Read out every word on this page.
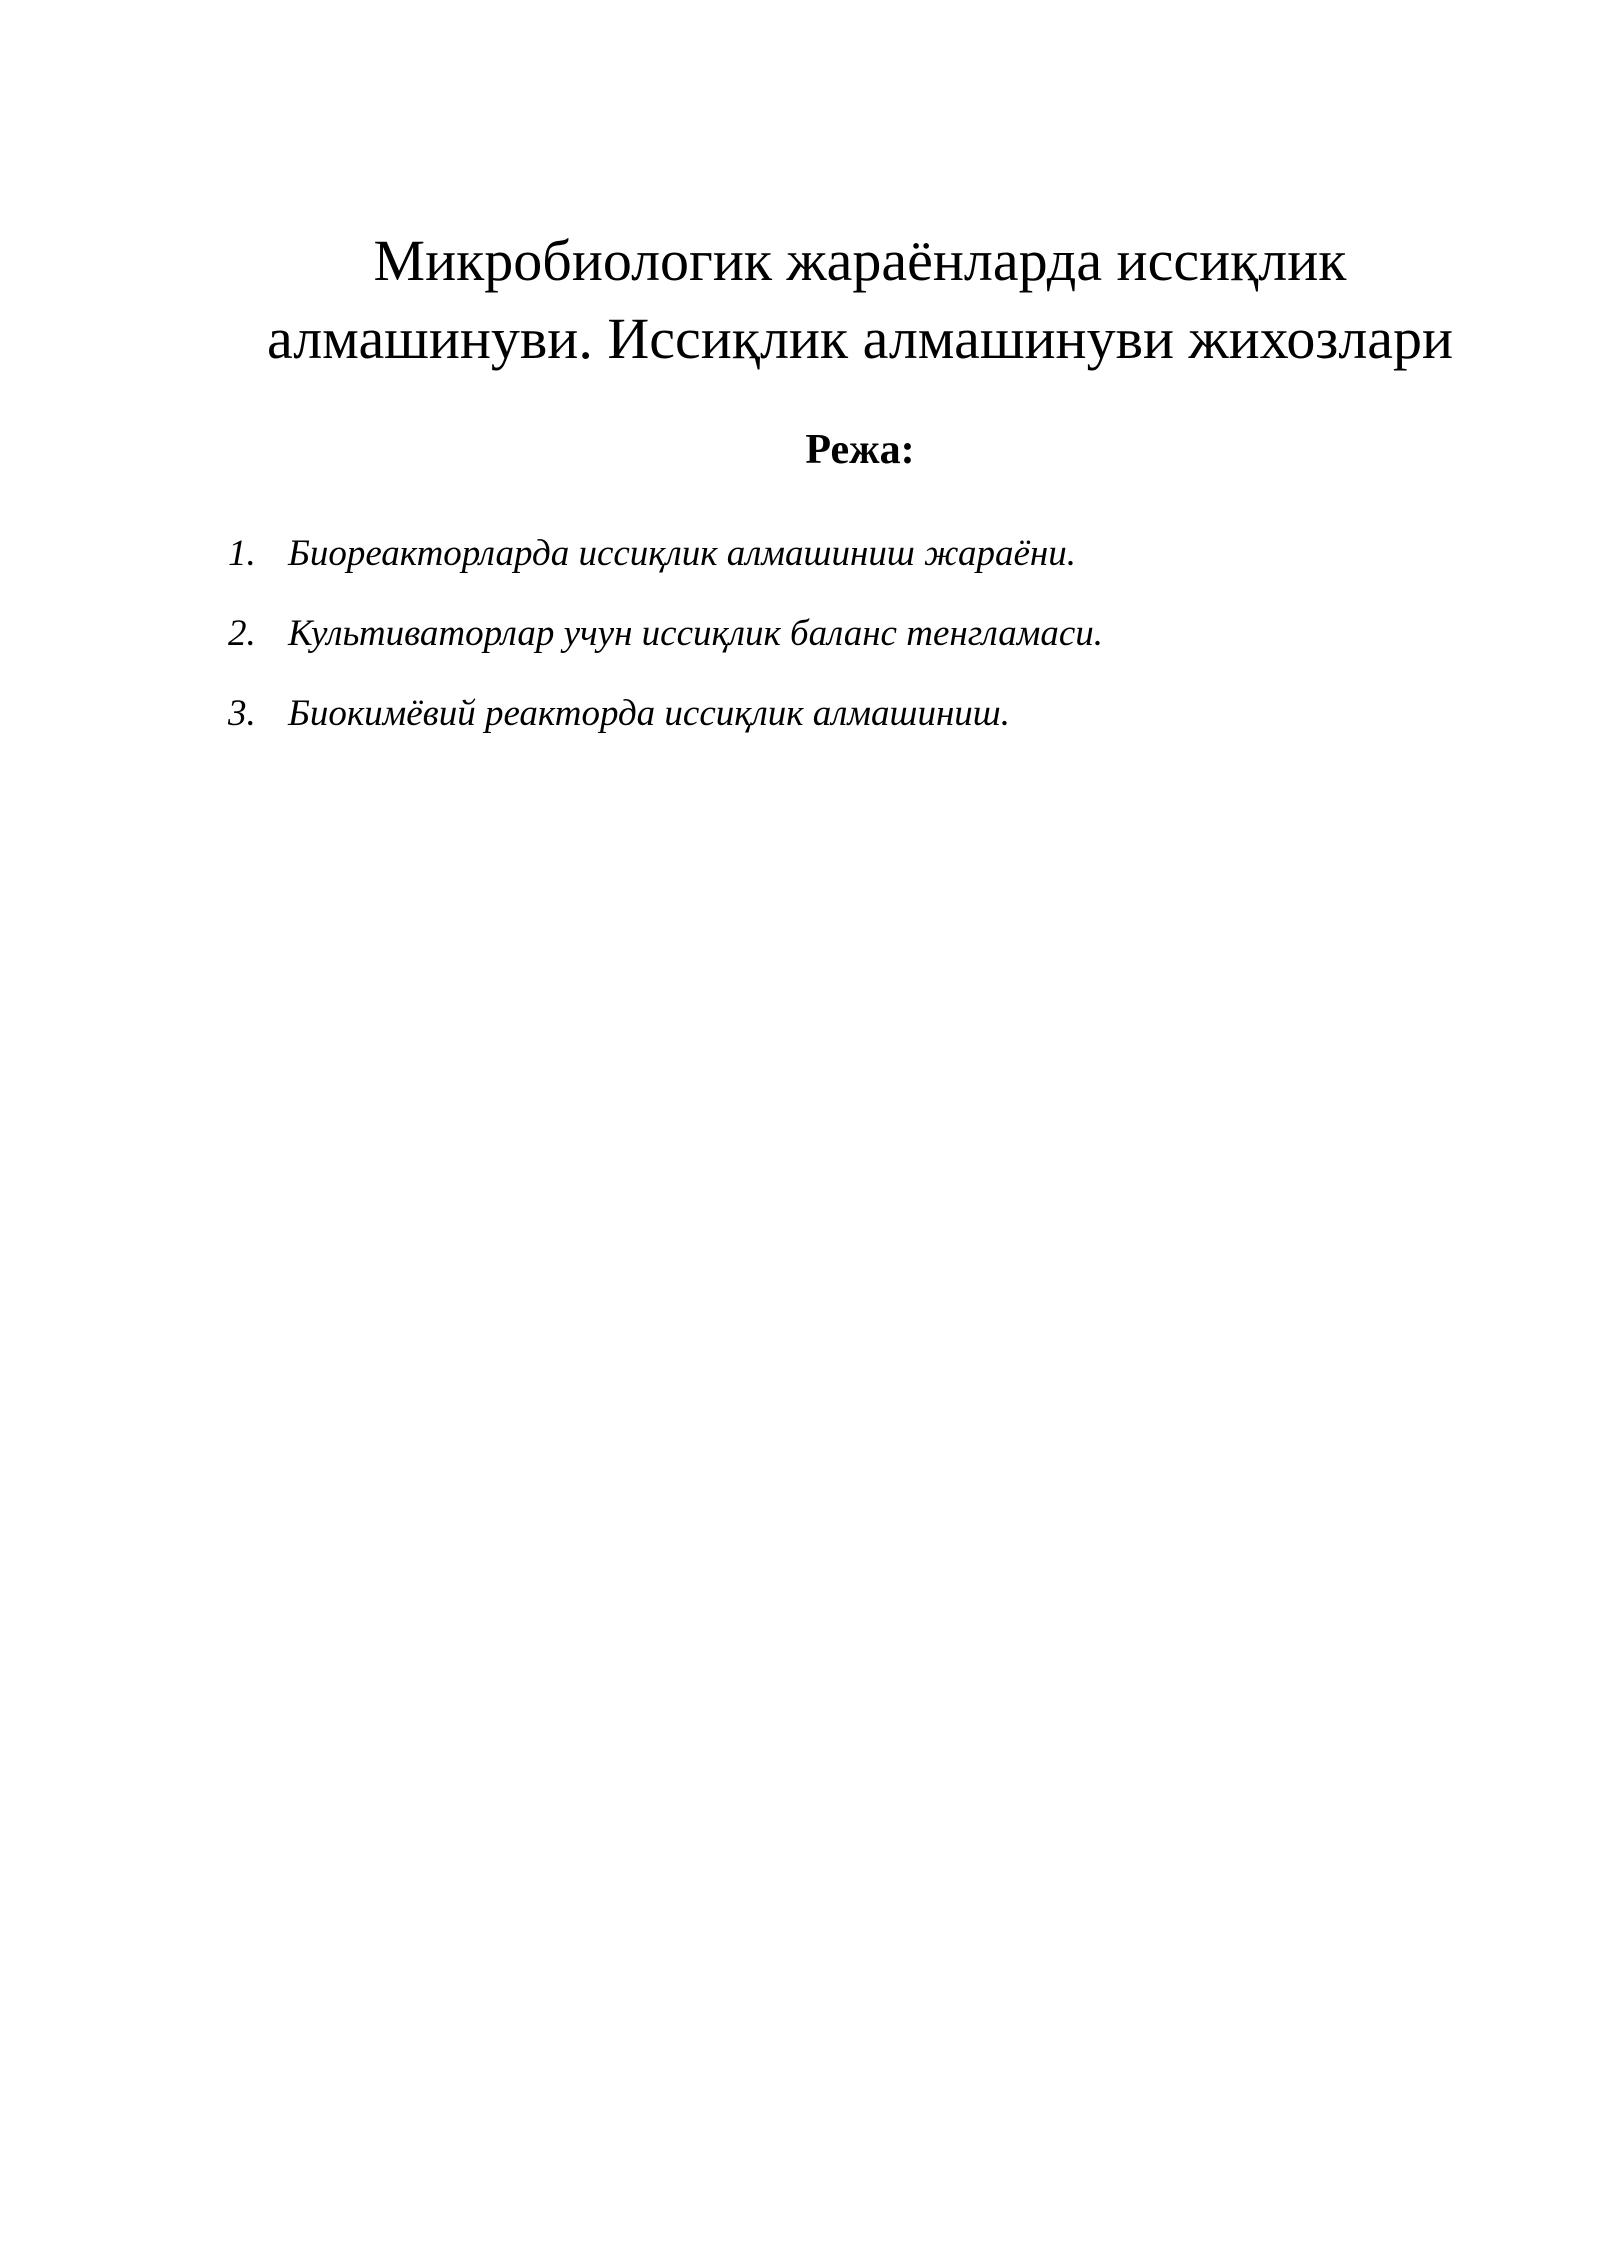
Микробиологик жараёнларда иссиқлик
алмашинуви. Иссиқлик алмашинуви жихозлари
Режа:
1. Биореакторларда иссиқлик алмашиниш жараёни.
2. Культиваторлар учун иссиқлик баланс тенгламаси.
3. Биокимёвий реакторда иссиқлик алмашиниш.
